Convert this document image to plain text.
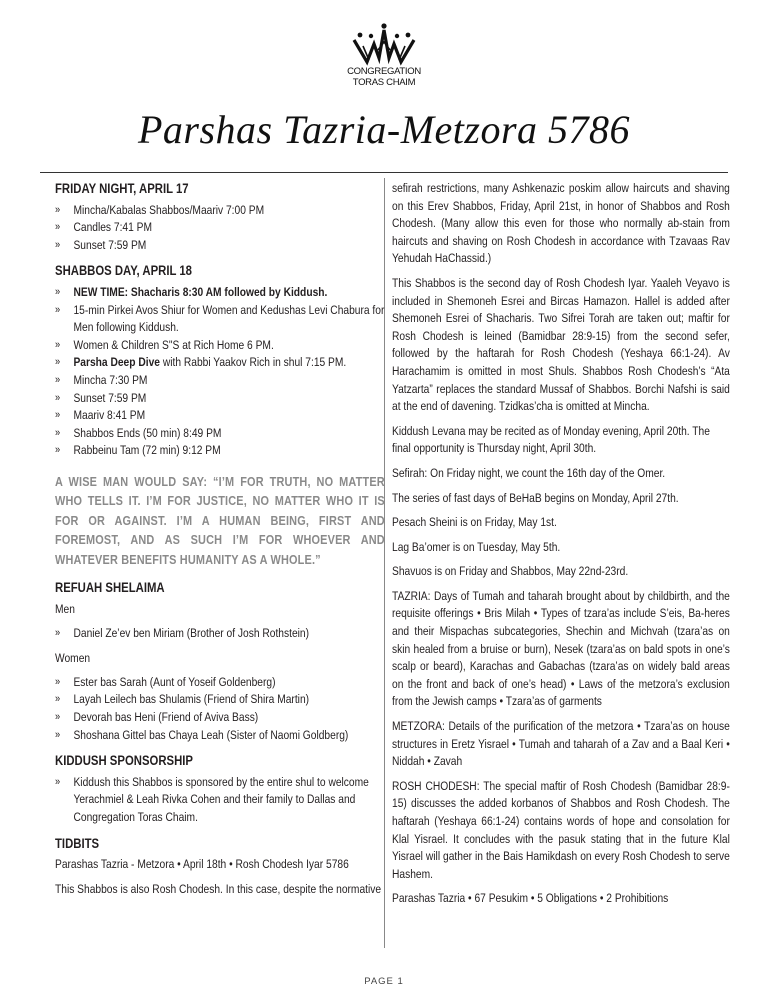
CONGREGATION
TORAS CHAIM
Parshas Tazria-Metzora 5786
FRIDAY NIGHT, APRIL 17
» Mincha/Kabalas Shabbos/Maariv 7:00 PM
» Candles 7:41 PM
» Sunset 7:59 PM
SHABBOS DAY, APRIL 18
» NEW TIME: Shacharis 8:30 AM followed by Kiddush.
» 15-min Pirkei Avos Shiur for Women and Kedushas Levi Chabura for Men following Kiddush.
» Women & Children S"S at Rich Home 6 PM.
» Parsha Deep Dive with Rabbi Yaakov Rich in shul 7:15 PM.
» Mincha 7:30 PM
» Sunset 7:59 PM
» Maariv 8:41 PM
» Shabbos Ends (50 min) 8:49 PM
» Rabbeinu Tam (72 min) 9:12 PM
A WISE MAN WOULD SAY: “I’M FOR TRUTH, NO MATTER WHO TELLS IT. I’M FOR JUSTICE, NO MATTER WHO IT IS FOR OR AGAINST. I’M A HUMAN BEING, FIRST AND FOREMOST, AND AS SUCH I’M FOR WHOEVER AND WHATEVER BENEFITS HUMANITY AS A WHOLE.”
REFUAH SHELAIMA
Men
» Daniel Ze’ev ben Miriam (Brother of Josh Rothstein)
Women
» Ester bas Sarah (Aunt of Yoseif Goldenberg)
» Layah Leilech bas Shulamis (Friend of Shira Martin)
» Devorah bas Heni (Friend of Aviva Bass)
» Shoshana Gittel bas Chaya Leah (Sister of Naomi Goldberg)
KIDDUSH SPONSORSHIP
» Kiddush this Shabbos is sponsored by the entire shul to welcome Yerachmiel & Leah Rivka Cohen and their family to Dallas and Congregation Toras Chaim.
TIDBITS

Parashas Tazria - Metzora • April 18th • Rosh Chodesh Iyar 5786

This Shabbos is also Rosh Chodesh. In this case, despite the normative

sefirah restrictions, many Ashkenazic poskim allow haircuts and shaving on this Erev Shabbos, Friday, April 21st, in honor of Shabbos and Rosh Chodesh. (Many allow this even for those who normally ab-stain from haircuts and shaving on Rosh Chodesh in accordance with Tzavaas Rav Yehudah HaChassid.)

This Shabbos is the second day of Rosh Chodesh Iyar. Yaaleh Veyavo is included in Shemoneh Esrei and Bircas Hamazon. Hallel is added after Shemoneh Esrei of Shacharis. Two Sifrei Torah are taken out; maftir for Rosh Chodesh is leined (Bamidbar 28:9-15) from the second sefer, followed by the haftarah for Rosh Chodesh (Yeshaya 66:1-24). Av Harachamim is omitted in most Shuls. Shabbos Rosh Chodesh’s “Ata Yatzarta” replaces the standard Mussaf of Shabbos. Borchi Nafshi is said at the end of davening. Tzidkas’cha is omitted at Mincha.

Kiddush Levana may be recited as of Monday evening, April 20th. The final opportunity is Thursday night, April 30th.

Sefirah: On Friday night, we count the 16th day of the Omer.

The series of fast days of BeHaB begins on Monday, April 27th.

Pesach Sheini is on Friday, May 1st.

Lag Ba’omer is on Tuesday, May 5th.

Shavuos is on Friday and Shabbos, May 22nd-23rd.

TAZRIA: Days of Tumah and taharah brought about by childbirth, and the requisite offerings • Bris Milah • Types of tzara’as include S’eis, Ba-heres and their Mispachas subcategories, Shechin and Michvah (tzara’as on skin healed from a bruise or burn), Nesek (tzara’as on bald spots in one’s scalp or beard), Karachas and Gabachas (tzara’as on widely bald areas on the front and back of one’s head) • Laws of the metzora’s exclusion from the Jewish camps • Tzara’as of garments

METZORA: Details of the purification of the metzora • Tzara’as on house structures in Eretz Yisrael • Tumah and taharah of a Zav and a Baal Keri • Niddah • Zavah

ROSH CHODESH: The special maftir of Rosh Chodesh (Bamidbar 28:9-15) discusses the added korbanos of Shabbos and Rosh Chodesh. The haftarah (Yeshaya 66:1-24) contains words of hope and consolation for Klal Yisrael. It concludes with the pasuk stating that in the future Klal Yisrael will gather in the Bais Hamikdash on every Rosh Chodesh to serve Hashem.

Parashas Tazria • 67 Pesukim • 5 Obligations • 2 Prohibitions

PAGE 1
